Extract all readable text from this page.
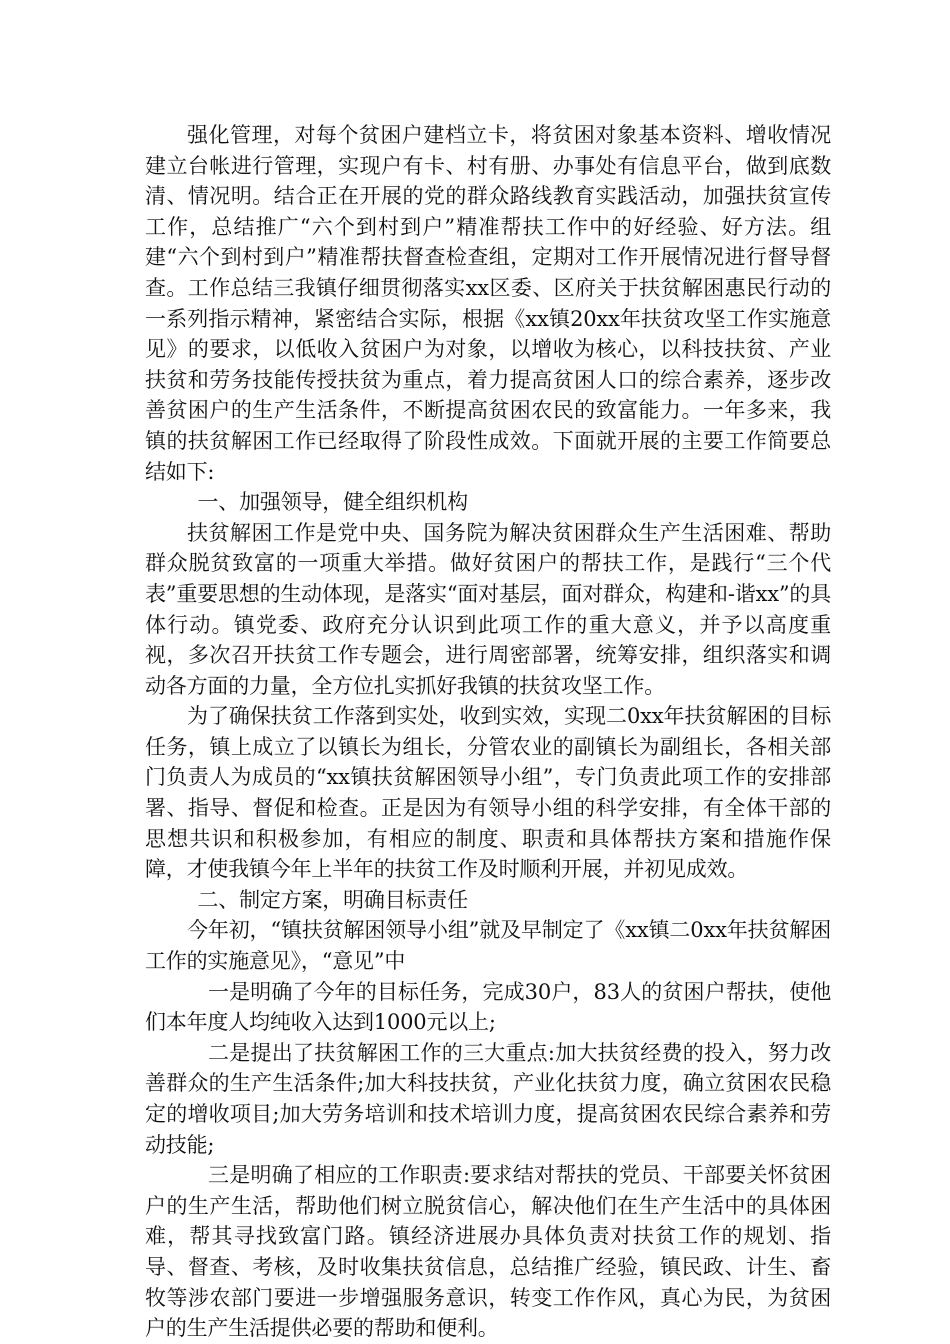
强化管理，对每个贫困户建档立卡，将贫困对象基本资料、增收情况建立台帐进行管理，实现户有卡、村有册、办事处有信息平台，做到底数清、情况明。结合正在开展的党的群众路线教育实践活动，加强扶贫宣传工作，总结推广“六个到村到户”精准帮扶工作中的好经验、好方法。组建“六个到村到户”精准帮扶督查检查组，定期对工作开展情况进行督导督查。工作总结三我镇仔细贯彻落实xx区委、区府关于扶贫解困惠民行动的一系列指示精神，紧密结合实际，根据《xx镇20xx年扶贫攻坚工作实施意见》的要求，以低收入贫困户为对象，以增收为核心，以科技扶贫、产业扶贫和劳务技能传授扶贫为重点，着力提高贫困人口的综合素养，逐步改善贫困户的生产生活条件，不断提高贫困农民的致富能力。一年多来，我镇的扶贫解困工作已经取得了阶段性成效。下面就开展的主要工作简要总结如下:

一、加强领导，健全组织机构

扶贫解困工作是党中央、国务院为解决贫困群众生产生活困难、帮助群众脱贫致富的一项重大举措。做好贫困户的帮扶工作，是践行“三个代表”重要思想的生动体现，是落实“面对基层，面对群众，构建和-谐xx”的具体行动。镇党委、政府充分认识到此项工作的重大意义，并予以高度重视，多次召开扶贫工作专题会，进行周密部署，统筹安排，组织落实和调动各方面的力量，全方位扎实抓好我镇的扶贫攻坚工作。

为了确保扶贫工作落到实处，收到实效，实现二0xx年扶贫解困的目标任务，镇上成立了以镇长为组长，分管农业的副镇长为副组长，各相关部门负责人为成员的“xx镇扶贫解困领导小组”，专门负责此项工作的安排部署、指导、督促和检查。正是因为有领导小组的科学安排，有全体干部的思想共识和积极参加，有相应的制度、职责和具体帮扶方案和措施作保障，才使我镇今年上半年的扶贫工作及时顺利开展，并初见成效。

二、制定方案，明确目标责任

今年初，“镇扶贫解困领导小组”就及早制定了《xx镇二0xx年扶贫解困工作的实施意见》，“意见”中

一是明确了今年的目标任务，完成30户，83人的贫困户帮扶，使他们本年度人均纯收入达到1000元以上;

二是提出了扶贫解困工作的三大重点:加大扶贫经费的投入，努力改善群众的生产生活条件;加大科技扶贫，产业化扶贫力度，确立贫困农民稳定的增收项目;加大劳务培训和技术培训力度，提高贫困农民综合素养和劳动技能;

三是明确了相应的工作职责:要求结对帮扶的党员、干部要关怀贫困户的生产生活，帮助他们树立脱贫信心，解决他们在生产生活中的具体困难，帮其寻找致富门路。镇经济进展办具体负责对扶贫工作的规划、指导、督查、考核，及时收集扶贫信息，总结推广经验，镇民政、计生、畜牧等涉农部门要进一步增强服务意识，转变工作作风，真心为民，为贫困户的生产生活提供必要的帮助和便利。
